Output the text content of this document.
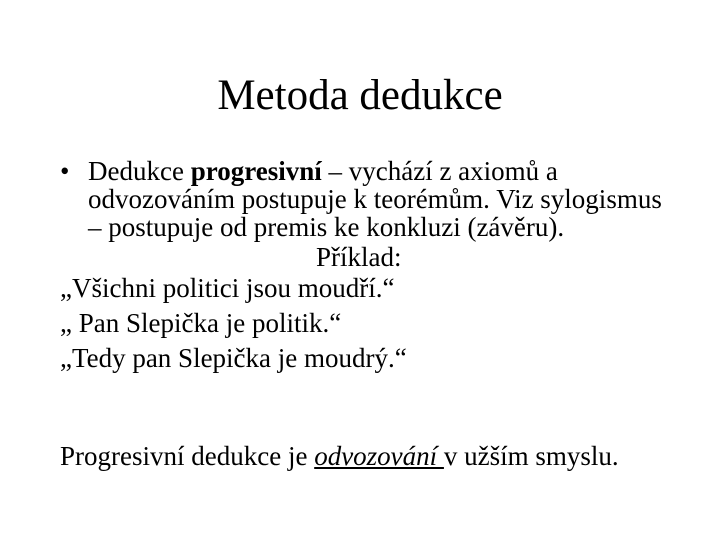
Metoda dedukce
• Dedukce progresivní – vychází z axiomů a odvozováním postupuje k teorémům. Viz sylogismus – postupuje od premis ke konkluzi (závěru).
Příklad:
„Všichni politici jsou moudří.“
„ Pan Slepička je politik.“
„Tedy pan Slepička je moudrý.“
Progresivní dedukce je odvozování v užším smyslu.
